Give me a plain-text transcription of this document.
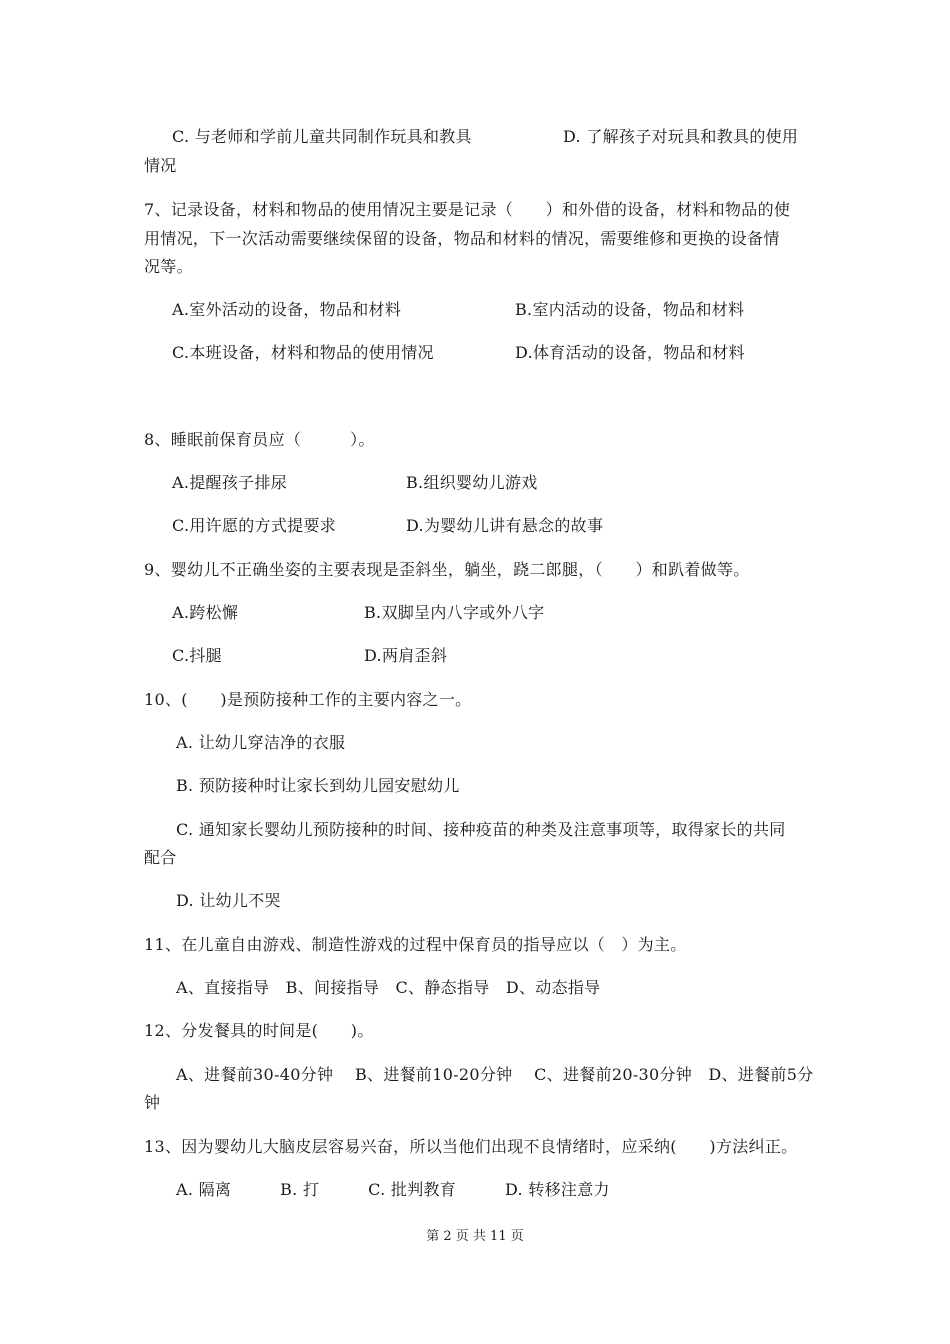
C. 与老师和学前儿童共同制作玩具和教具	D. 了解孩子对玩具和教具的使用
情况
7、记录设备，材料和物品的使用情况主要是记录（　　）和外借的设备，材料和物品的使
用情况，下一次活动需要继续保留的设备，物品和材料的情况，需要维修和更换的设备情
况等。
A.室外活动的设备，物品和材料	B.室内活动的设备，物品和材料
C.本班设备，材料和物品的使用情况	D.体育活动的设备，物品和材料
8、睡眠前保育员应（　　　）。
A.提醒孩子排尿	B.组织婴幼儿游戏
C.用许愿的方式提要求	D.为婴幼儿讲有悬念的故事
9、婴幼儿不正确坐姿的主要表现是歪斜坐，躺坐，跷二郎腿，（　　）和趴着做等。
A.跨松懈	B.双脚呈内八字或外八字
C.抖腿	D.两肩歪斜
10、(　　)是预防接种工作的主要内容之一。
A. 让幼儿穿洁净的衣服
B. 预防接种时让家长到幼儿园安慰幼儿
C. 通知家长婴幼儿预防接种的时间、接种疫苗的种类及注意事项等，取得家长的共同
配合
D. 让幼儿不哭
11、在儿童自由游戏、制造性游戏的过程中保育员的指导应以（　）为主。
A、直接指导　B、间接指导　C、静态指导　D、动态指导
12、分发餐具的时间是(　　)。
A、进餐前30-40分钟　 B、进餐前10-20分钟　 C、进餐前20-30分钟　D、进餐前5分
钟
13、因为婴幼儿大脑皮层容易兴奋，所以当他们出现不良情绪时，应采纳(　　)方法纠正。
A. 隔离　　　B. 打　　　C. 批判教育　　　D. 转移注意力
第 2 页 共 11 页
